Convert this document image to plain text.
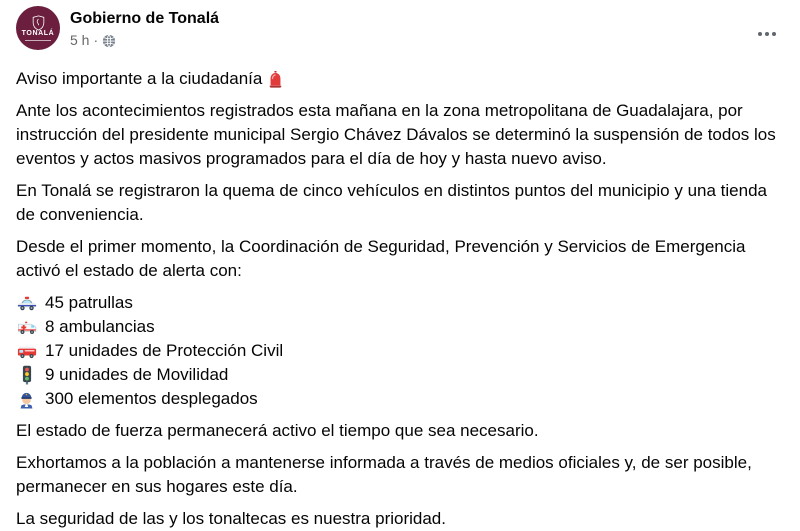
TONALÁ
Gobierno de Tonalá
5 h ·
Aviso importante a la ciudadanía
Ante los acontecimientos registrados esta mañana en la zona metropolitana de Guadalajara, por instrucción del presidente municipal Sergio Chávez Dávalos se determinó la suspensión de todos los eventos y actos masivos programados para el día de hoy y hasta nuevo aviso.
En Tonalá se registraron la quema de cinco vehículos en distintos puntos del municipio y una tienda de conveniencia.
Desde el primer momento, la Coordinación de Seguridad, Prevención y Servicios de Emergencia activó el estado de alerta con:
45 patrullas
8 ambulancias
17 unidades de Protección Civil
9 unidades de Movilidad
300 elementos desplegados
El estado de fuerza permanecerá activo el tiempo que sea necesario.
Exhortamos a la población a mantenerse informada a través de medios oficiales y, de ser posible, permanecer en sus hogares este día.
La seguridad de las y los tonaltecas es nuestra prioridad.
